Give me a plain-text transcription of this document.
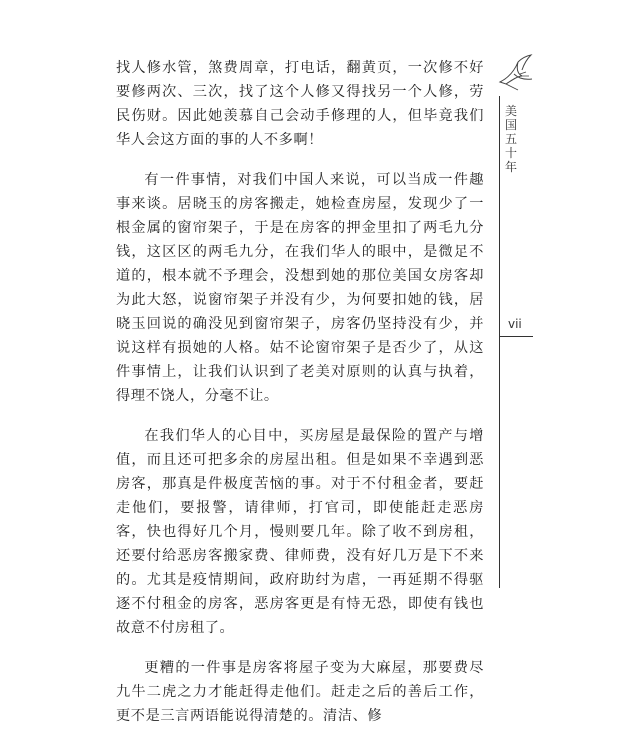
找人修水管，煞费周章，打电话，翻黄页，一次修不好要修两次、三次，找了这个人修又得找另一个人修，劳民伤财。因此她羡慕自己会动手修理的人，但毕竟我们华人会这方面的事的人不多啊！

有一件事情，对我们中国人来说，可以当成一件趣事来谈。居晓玉的房客搬走，她检查房屋，发现少了一根金属的窗帘架子，于是在房客的押金里扣了两毛九分钱，这区区的两毛九分，在我们华人的眼中，是微足不道的，根本就不予理会，没想到她的那位美国女房客却为此大怒，说窗帘架子并没有少，为何要扣她的钱，居晓玉回说的确没见到窗帘架子，房客仍坚持没有少，并说这样有损她的人格。姑不论窗帘架子是否少了，从这件事情上，让我们认识到了老美对原则的认真与执着，得理不饶人，分毫不让。

在我们华人的心目中，买房屋是最保险的置产与增值，而且还可把多余的房屋出租。但是如果不幸遇到恶房客，那真是件极度苦恼的事。对于不付租金者，要赶走他们，要报警，请律师，打官司，即使能赶走恶房客，快也得好几个月，慢则要几年。除了收不到房租，还要付给恶房客搬家费、律师费，没有好几万是下不来的。尤其是疫情期间，政府助纣为虐，一再延期不得驱逐不付租金的房客，恶房客更是有恃无恐，即使有钱也故意不付房租了。

更糟的一件事是房客将屋子变为大麻屋，那要费尽九牛二虎之力才能赶得走他们。赶走之后的善后工作，更不是三言两语能说得清楚的。清洁、修

美国五十年
vii
